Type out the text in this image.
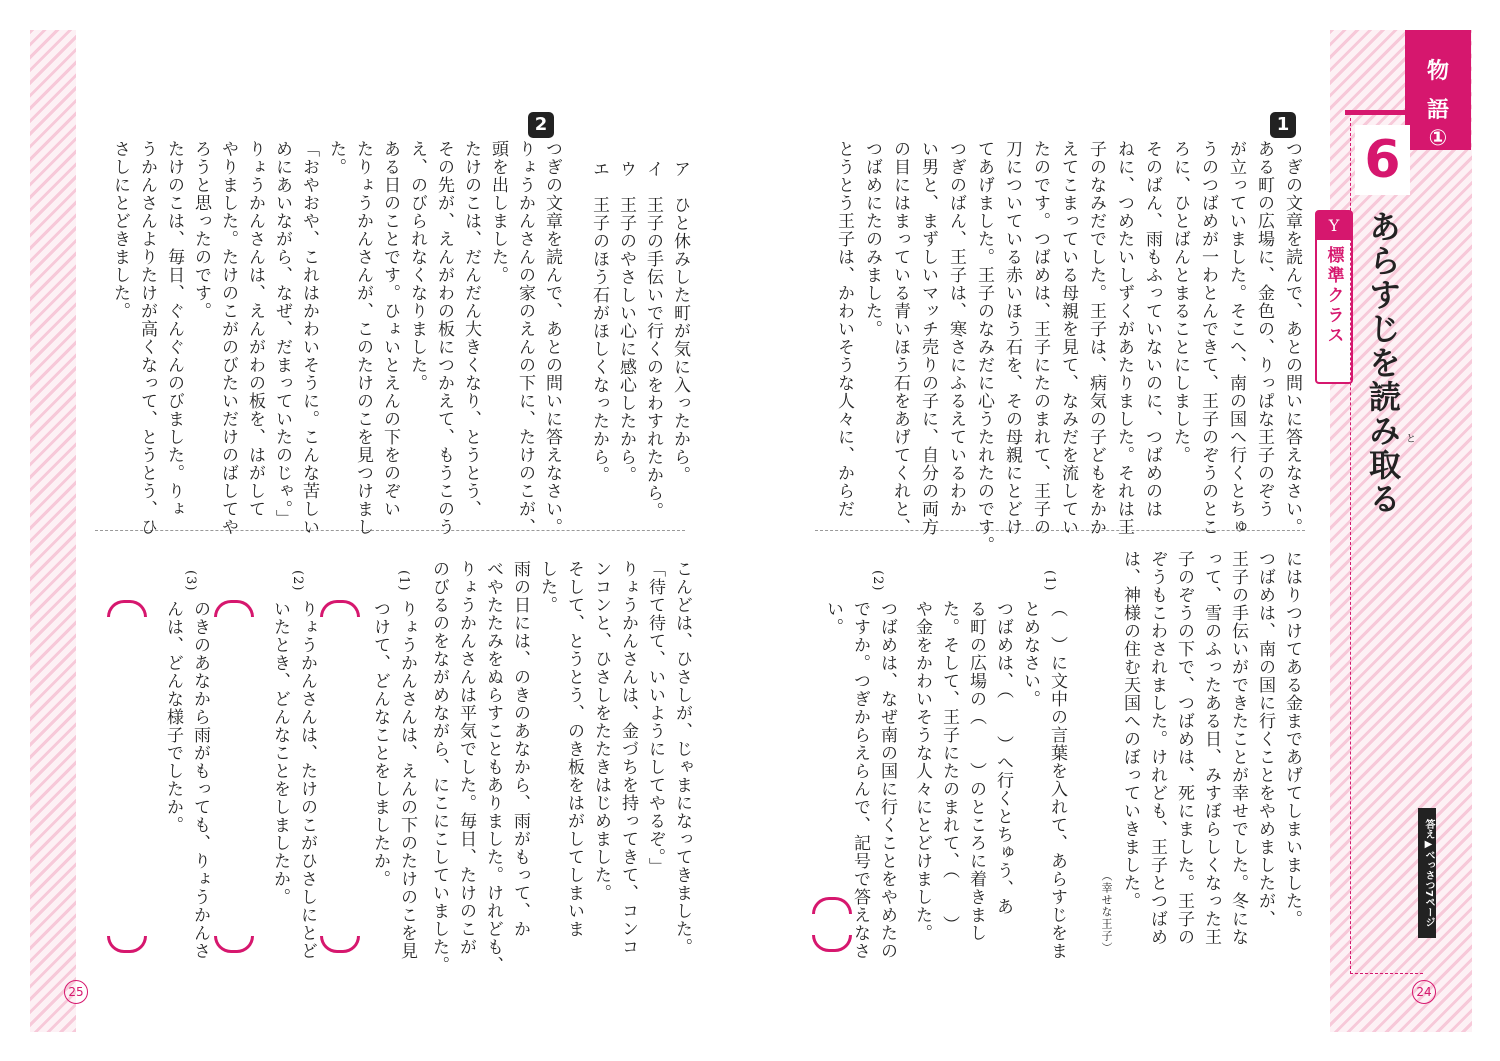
物
語
①
6
あらすじを読み取る と
Y
標準クラス
答え▶べっさつ7ページ
25	24
1
つぎの文章を読んで、あとの問いに答えなさい。
ある町の広場に、金色の、りっぱな王子のぞう
が立っていました。そこへ、南の国へ行くとちゅ
うのつばめが一わとんできて、王子のぞうのとこ
ろに、ひとばんとまることにしました。
そのばん、雨もふっていないのに、つばめのは
ねに、つめたいしずくがあたりました。それは王
子のなみだでした。王子は、病気の子どもをかか
えてこまっている母親を見て、なみだを流してい
たのです。つばめは、王子にたのまれて、王子の
刀についている赤いほう石を、その母親にとどけ
てあげました。王子のなみだに心うたれたのです。
つぎのばん、王子は、寒さにふるえているわか
い男と、まずしいマッチ売りの子に、自分の両方
の目にはまっている青いほう石をあげてくれと、
つばめにたのみました。
とうとう王子は、かわいそうな人々に、からだ
にはりつけてある金まであげてしまいました。
つばめは、南の国に行くことをやめましたが、
王子の手伝いができたことが幸せでした。冬にな
って、雪のふったある日、みすぼらしくなった王
子のぞうの下で、つばめは、死にました。王子の
ぞうもこわされました。けれども、王子とつばめ
は、神様の住む天国へのぼっていきました。
（幸せな王子）
(1)
（　）に文中の言葉を入れて、あらすじをま
とめなさい。
つばめは、（　　）へ行くとちゅう、あ
る町の広場の（　　）のところに着きまし
た。そして、王子にたのまれて、（　　）
や金をかわいそうな人々にとどけました。
(2)
つばめは、なぜ南の国に行くことをやめたの
ですか。つぎからえらんで、記号で答えなさ
い。
ア　ひと休みした町が気に入ったから。
イ　王子の手伝いで行くのをわすれたから。
ウ　王子のやさしい心に感心したから。
エ　王子のほう石がほしくなったから。
2
つぎの文章を読んで、あとの問いに答えなさい。
りょうかんさんの家のえんの下に、たけのこが、
頭を出しました。
たけのこは、だんだん大きくなり、とうとう、
その先が、えんがわの板につかえて、もうこのう
え、のびられなくなりました。
ある日のことです。ひょいとえんの下をのぞい
たりょうかんさんが、このたけのこを見つけまし
た。
「おやおや、これはかわいそうに。こんな苦しい
めにあいながら、なぜ、だまっていたのじゃ。」
りょうかんさんは、えんがわの板を、はがして
やりました。たけのこがのびたいだけのばしてや
ろうと思ったのです。
たけのこは、毎日、ぐんぐんのびました。りょ
うかんさんよりたけが高くなって、とうとう、ひ
さしにとどきました。
こんどは、ひさしが、じゃまになってきました。
「待て待て、いいようにしてやるぞ。」
りょうかんさんは、金づちを持ってきて、コンコ
ンコンと、ひさしをたたきはじめました。
そして、とうとう、のき板をはがしてしまいま
した。
雨の日には、のきのあなから、雨がもって、か
べやたたみをぬらすこともありました。けれども、
りょうかんさんは平気でした。毎日、たけのこが
のびるのをながめながら、にこにこしていました。
(1)
りょうかんさんは、えんの下のたけのこを見
つけて、どんなことをしましたか。
(2)
りょうかんさんは、たけのこがひさしにとど
いたとき、どんなことをしましたか。
(3)
のきのあなから雨がもっても、りょうかんさ
んは、どんな様子でしたか。
